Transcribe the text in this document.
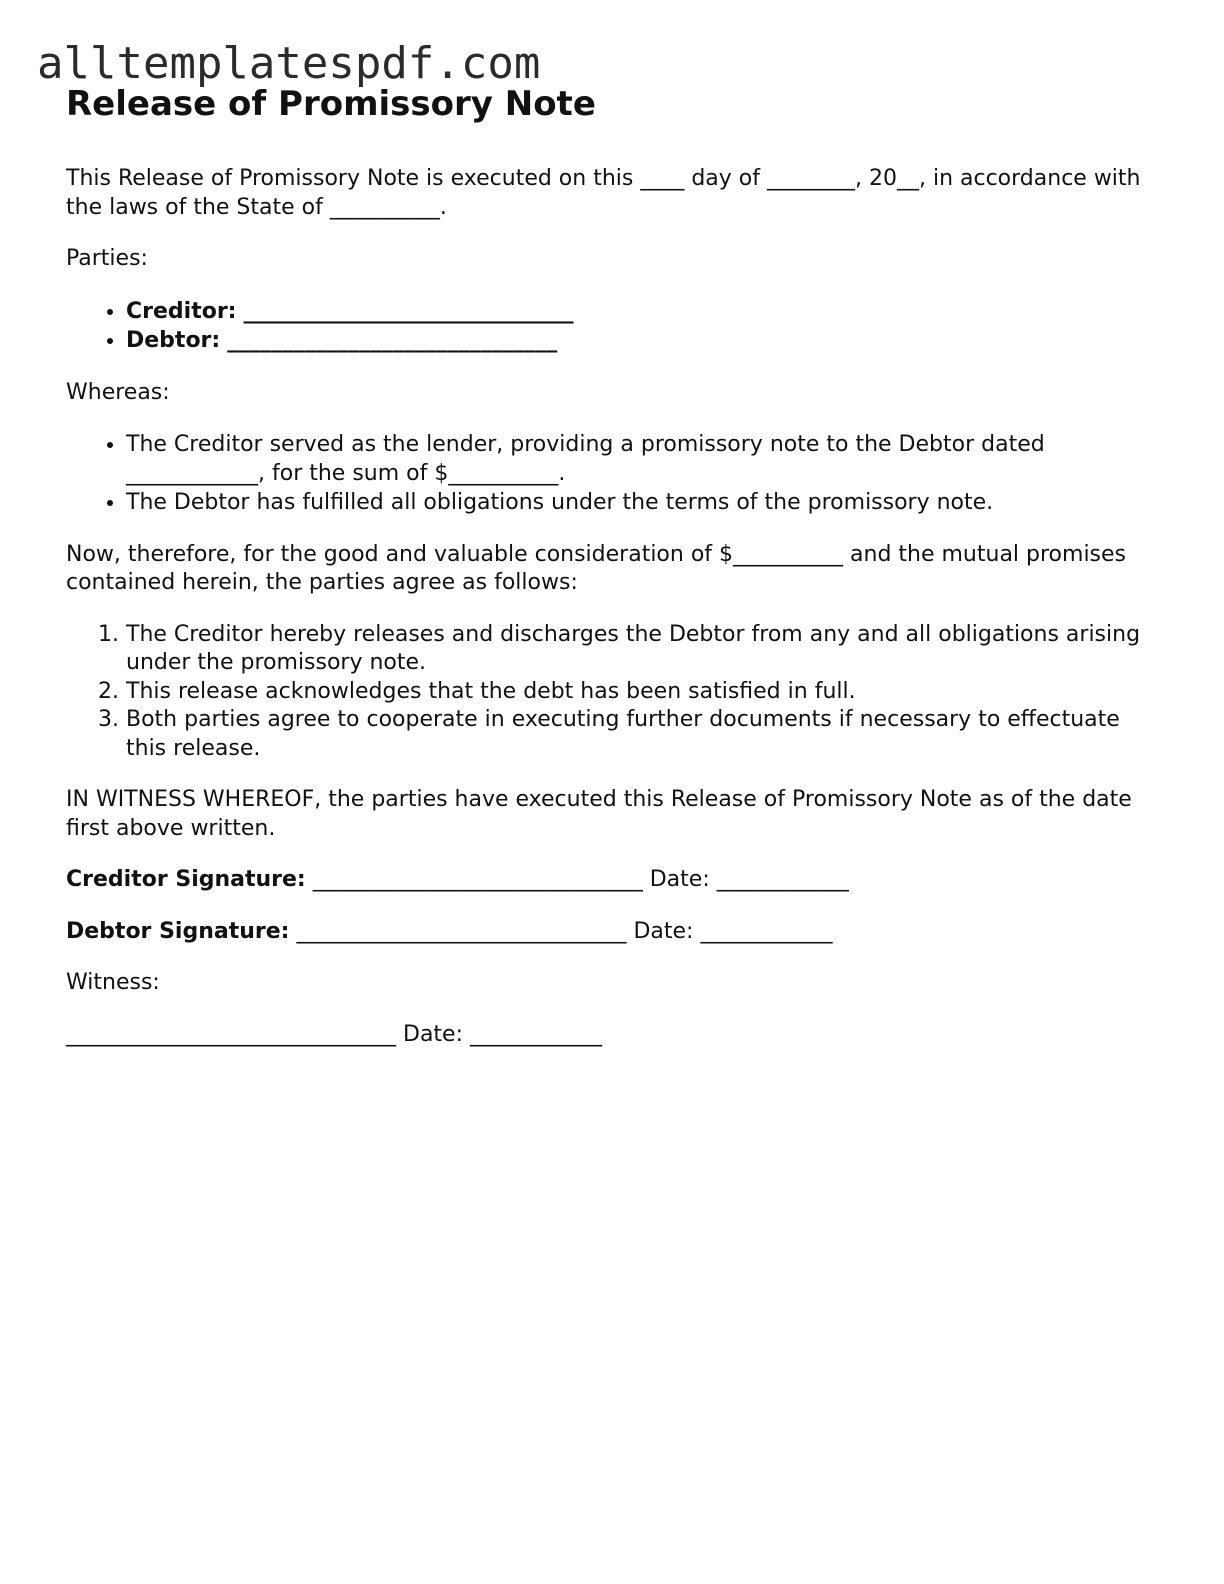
alltemplatespdf.com
Release of Promissory Note

This Release of Promissory Note is executed on this ____ day of ________, 20__, in accordance with the laws of the State of __________.

Parties:

• Creditor: ______________________________
• Debtor: ______________________________

Whereas:

• The Creditor served as the lender, providing a promissory note to the Debtor dated ____________, for the sum of $__________.
• The Debtor has fulfilled all obligations under the terms of the promissory note.

Now, therefore, for the good and valuable consideration of $__________ and the mutual promises contained herein, the parties agree as follows:

1. The Creditor hereby releases and discharges the Debtor from any and all obligations arising under the promissory note.
2. This release acknowledges that the debt has been satisfied in full.
3. Both parties agree to cooperate in executing further documents if necessary to effectuate this release.

IN WITNESS WHEREOF, the parties have executed this Release of Promissory Note as of the date first above written.

Creditor Signature: ______________________________ Date: ____________
Debtor Signature: ______________________________ Date: ____________

Witness:

______________________________ Date: ____________
